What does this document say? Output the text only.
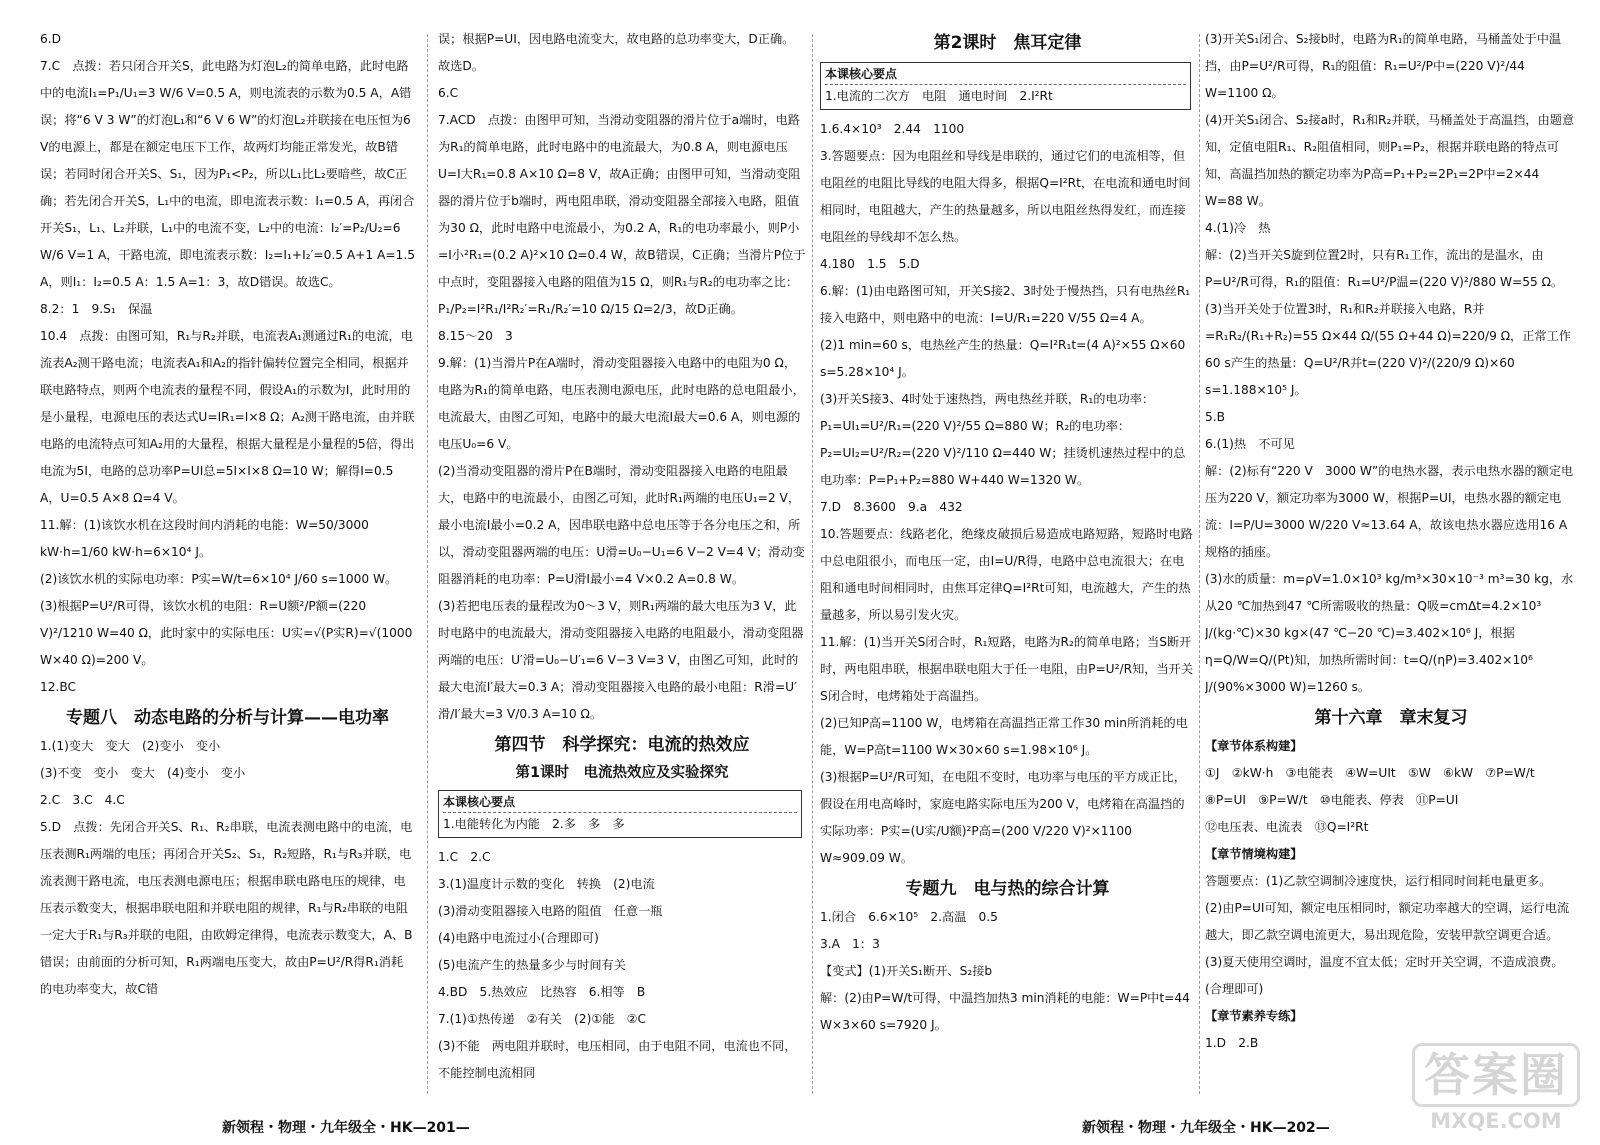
6.D

7.C　点拨：若只闭合开关S，此电路为灯泡L₂的简单电路，此时电路中的电流I₁=P₁/U₁=3 W/6 V=0.5 A，则电流表的示数为0.5 A，A错误；将“6 V 3 W”的灯泡L₁和“6 V 6 W”的灯泡L₂并联接在电压恒为6 V的电源上，都是在额定电压下工作，故两灯均能正常发光，故B错误；若同时闭合开关S、S₁，因为P₁<P₂，所以L₁比L₂要暗些，故C正确；若先闭合开关S，L₁中的电流，即电流表示数：I₁=0.5 A，再闭合开关S₁，L₁、L₂并联，L₁中的电流不变，L₂中的电流：I₂′=P₂/U₂=6 W/6 V=1 A，干路电流，即电流表示数：I₂=I₁+I₂′=0.5 A+1 A=1.5 A，则I₁：I₂=0.5 A：1.5 A=1：3，故D错误。故选C。

8.2：1　9.S₁　保温

10.4　点拨：由图可知，R₁与R₂并联，电流表A₁测通过R₁的电流，电流表A₂测干路电流；电流表A₁和A₂的指针偏转位置完全相同，根据并联电路特点，则两个电流表的量程不同，假设A₁的示数为I，此时用的是小量程，电源电压的表达式U=IR₁=I×8 Ω；A₂测干路电流，由并联电路的电流特点可知A₂用的大量程，根据大量程是小量程的5倍，得出电流为5I，电路的总功率P=UI总=5I×I×8 Ω=10 W；解得I=0.5 A，U=0.5 A×8 Ω=4 V。

11.解：(1)该饮水机在这段时间内消耗的电能：W=50/3000 kW·h=1/60 kW·h=6×10⁴ J。

(2)该饮水机的实际电功率：P实=W/t=6×10⁴ J/60 s=1000 W。

(3)根据P=U²/R可得，该饮水机的电阻：R=U额²/P额=(220 V)²/1210 W=40 Ω，此时家中的实际电压：U实=√(P实R)=√(1000 W×40 Ω)=200 V。

12.BC

专题八　动态电路的分析与计算——电功率

1.(1)变大　变大　(2)变小　变小

(3)不变　变小　变大　(4)变小　变小

2.C　3.C　4.C

5.D　点拨：先闭合开关S、R₁、R₂串联，电流表测电路中的电流，电压表测R₁两端的电压；再闭合开关S₂、S₁，R₂短路，R₁与R₃并联，电流表测干路电流，电压表测电源电压；根据串联电路电压的规律，电压表示数变大，根据串联电阻和并联电阻的规律，R₁与R₂串联的电阻一定大于R₁与R₃并联的电阻，由欧姆定律得，电流表示数变大，A、B错误；由前面的分析可知，R₁两端电压变大，故由P=U²/R得R₁消耗的电功率变大，故C错

误；根据P=UI，因电路电流变大，故电路的总功率变大，D正确。故选D。

6.C

7.ACD　点拨：由图甲可知，当滑动变阻器的滑片位于a端时，电路为R₁的简单电路，此时电路中的电流最大，为0.8 A，则电源电压U=I大R₁=0.8 A×10 Ω=8 V，故A正确；由图甲可知，当滑动变阻器的滑片位于b端时，两电阻串联，滑动变阻器全部接入电路，阻值为30 Ω，此时电路中电流最小，为0.2 A，R₁的电功率最小，则P小=I小²R₁=(0.2 A)²×10 Ω=0.4 W，故B错误，C正确；当滑片P位于中点时，变阻器接入电路的阻值为15 Ω，则R₁与R₂的电功率之比：P₁/P₂=I²R₁/I²R₂′=R₁/R₂′=10 Ω/15 Ω=2/3，故D正确。

8.15～20　3

9.解：(1)当滑片P在A端时，滑动变阻器接入电路中的电阻为0 Ω，电路为R₁的简单电路，电压表测电源电压，此时电路的总电阻最小，电流最大，由图乙可知，电路中的最大电流I最大=0.6 A，则电源的电压U₀=6 V。

(2)当滑动变阻器的滑片P在B端时，滑动变阻器接入电路的电阻最大，电路中的电流最小，由图乙可知，此时R₁两端的电压U₁=2 V，最小电流I最小=0.2 A，因串联电路中总电压等于各分电压之和，所以，滑动变阻器两端的电压：U滑=U₀−U₁=6 V−2 V=4 V；滑动变阻器消耗的电功率：P=U滑I最小=4 V×0.2 A=0.8 W。

(3)若把电压表的量程改为0～3 V，则R₁两端的最大电压为3 V，此时电路中的电流最大，滑动变阻器接入电路的电阻最小，滑动变阻器两端的电压：U′滑=U₀−U′₁=6 V−3 V=3 V，由图乙可知，此时的最大电流I′最大=0.3 A；滑动变阻器接入电路的最小电阻：R滑=U′滑/I′最大=3 V/0.3 A=10 Ω。

第四节　科学探究：电流的热效应
第1课时　电流热效应及实验探究
本课核心要点
1.电能转化为内能　2.多　多　多

1.C　2.C

3.(1)温度计示数的变化　转换　(2)电流

(3)滑动变阻器接入电路的阻值　任意一瓶

(4)电路中电流过小(合理即可)

(5)电流产生的热量多少与时间有关

4.BD　5.热效应　比热容　6.相等　B

7.(1)①热传递　②有关　(2)①能　②C

(3)不能　两电阻并联时，电压相同，由于电阻不同，电流也不同，不能控制电流相同

第2课时　焦耳定律
本课核心要点
1.电流的二次方　电阻　通电时间　2.I²Rt

1.6.4×10³　2.44　1100

3.答题要点：因为电阻丝和导线是串联的，通过它们的电流相等，但电阻丝的电阻比导线的电阻大得多，根据Q=I²Rt，在电流和通电时间相同时，电阻越大，产生的热量越多，所以电阻丝热得发红，而连接电阻丝的导线却不怎么热。

4.180　1.5　5.D

6.解：(1)由电路图可知，开关S接2、3时处于慢热挡，只有电热丝R₁接入电路中，则电路中的电流：I=U/R₁=220 V/55 Ω=4 A。

(2)1 min=60 s，电热丝产生的热量：Q=I²R₁t=(4 A)²×55 Ω×60 s=5.28×10⁴ J。

(3)开关S接3、4时处于速热挡，两电热丝并联，R₁的电功率：P₁=UI₁=U²/R₁=(220 V)²/55 Ω=880 W；R₂的电功率：P₂=UI₂=U²/R₂=(220 V)²/110 Ω=440 W；挂烫机速热过程中的总电功率：P=P₁+P₂=880 W+440 W=1320 W。

7.D　8.3600　9.a　432

10.答题要点：线路老化，绝缘皮破损后易造成电路短路，短路时电路中总电阻很小，而电压一定，由I=U/R得，电路中总电流很大；在电阻和通电时间相同时，由焦耳定律Q=I²Rt可知，电流越大，产生的热量越多，所以易引发火灾。

11.解：(1)当开关S闭合时，R₁短路，电路为R₂的简单电路；当S断开时，两电阻串联，根据串联电阻大于任一电阻，由P=U²/R知，当开关S闭合时，电烤箱处于高温挡。

(2)已知P高=1100 W，电烤箱在高温挡正常工作30 min所消耗的电能，W=P高t=1100 W×30×60 s=1.98×10⁶ J。

(3)根据P=U²/R可知，在电阻不变时，电功率与电压的平方成正比，假设在用电高峰时，家庭电路实际电压为200 V，电烤箱在高温挡的实际功率：P实=(U实/U额)²P高=(200 V/220 V)²×1100 W≈909.09 W。

专题九　电与热的综合计算

1.闭合　6.6×10⁵　2.高温　0.5

3.A　1：3

【变式】(1)开关S₁断开、S₂接b

解：(2)由P=W/t可得，中温挡加热3 min消耗的电能：W=P中t=44 W×3×60 s=7920 J。

(3)开关S₁闭合、S₂接b时，电路为R₁的简单电路，马桶盖处于中温挡，由P=U²/R可得，R₁的阻值：R₁=U²/P中=(220 V)²/44 W=1100 Ω。

(4)开关S₁闭合、S₂接a时，R₁和R₂并联，马桶盖处于高温挡，由题意知，定值电阻R₁、R₂阻值相同，则P₁=P₂，根据并联电路的特点可知，高温挡加热的额定功率为P高=P₁+P₂=2P₁=2P中=2×44 W=88 W。

4.(1)冷　热

解：(2)当开关S旋到位置2时，只有R₁工作，流出的是温水，由P=U²/R可得，R₁的阻值：R₁=U²/P温=(220 V)²/880 W=55 Ω。

(3)当开关处于位置3时，R₁和R₂并联接入电路，R并=R₁R₂/(R₁+R₂)=55 Ω×44 Ω/(55 Ω+44 Ω)=220/9 Ω，正常工作60 s产生的热量：Q=U²/R并t=(220 V)²/(220/9 Ω)×60 s=1.188×10⁵ J。

5.B

6.(1)热　不可见

解：(2)标有“220 V　3000 W”的电热水器，表示电热水器的额定电压为220 V，额定功率为3000 W，根据P=UI，电热水器的额定电流：I=P/U=3000 W/220 V≈13.64 A，故该电热水器应选用16 A规格的插座。

(3)水的质量：m=ρV=1.0×10³ kg/m³×30×10⁻³ m³=30 kg，水从20 ℃加热到47 ℃所需吸收的热量：Q吸=cmΔt=4.2×10³ J/(kg·℃)×30 kg×(47 ℃−20 ℃)=3.402×10⁶ J，根据η=Q/W=Q/(Pt)知，加热所需时间：t=Q/(ηP)=3.402×10⁶ J/(90%×3000 W)=1260 s。

第十六章　章末复习

【章节体系构建】

①J　②kW·h　③电能表　④W=UIt　⑤W　⑥kW　⑦P=W/t

⑧P=UI　⑨P=W/t　⑩电能表、停表　⑪P=UI

⑫电压表、电流表　⑬Q=I²Rt

【章节情境构建】

答题要点：(1)乙款空调制冷速度快，运行相同时间耗电量更多。

(2)由P=UI可知，额定电压相同时，额定功率越大的空调，运行电流越大，即乙款空调电流更大，易出现危险，安装甲款空调更合适。

(3)夏天使用空调时，温度不宜太低；定时开关空调，不造成浪费。(合理即可)

【章节素养专练】

1.D　2.B

新领程・物理・九年级全・HK—201—	新领程・物理・九年级全・HK—202—
答案圈
MXQE.COM
